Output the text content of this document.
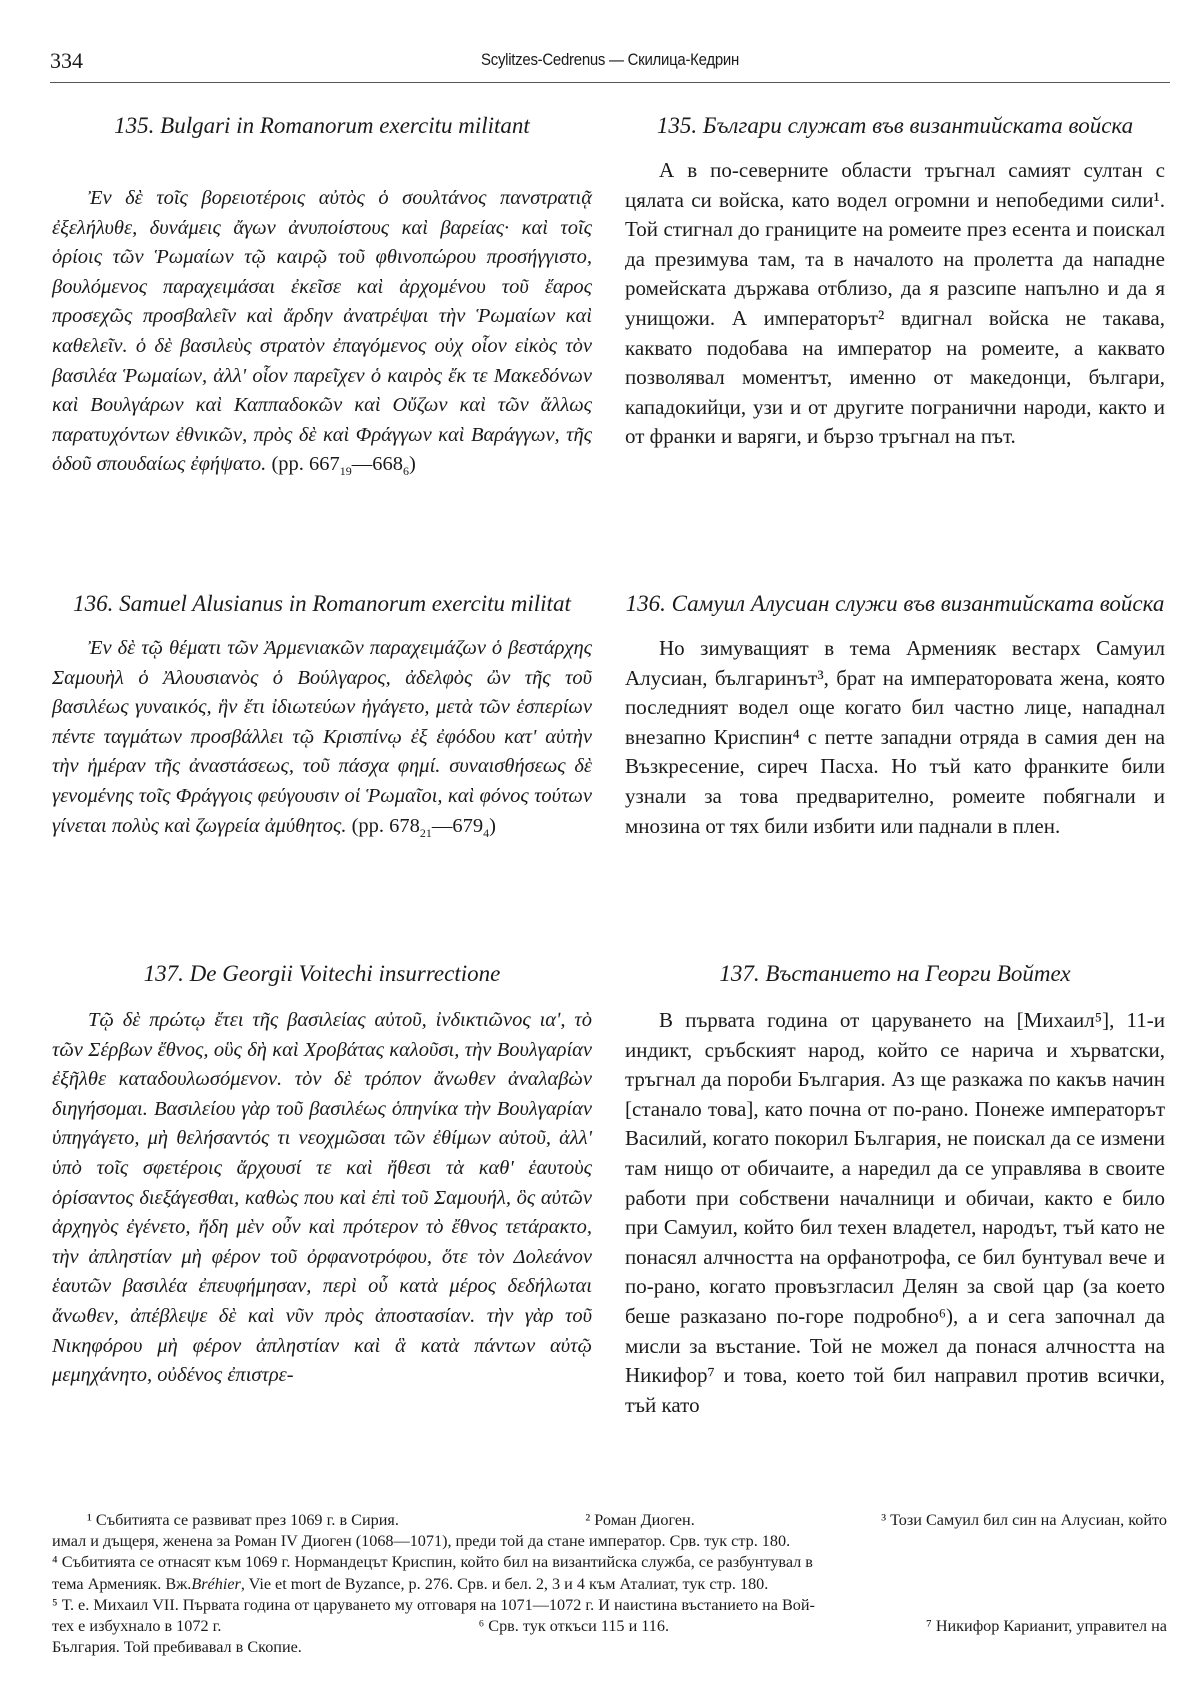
334	Scylitzes-Cedrenus — Скилица-Кедрин
135. Bulgari in Romanorum exercitu militant

Ἐν δὲ τοῖς βορειοτέροις αὐτὸς ὁ σουλτάνος πανστρατιᾷ ἐξελήλυθε, δυνάμεις ἄγων ἀνυποίστους καὶ βαρείας· καὶ τοῖς ὁρίοις τῶν Ῥωμαίων τῷ καιρῷ τοῦ φθινοπώρου προσήγγιστο, βουλόμενος παραχειμάσαι ἐκεῖσε καὶ ἀρχομένου τοῦ ἔαρος προσεχῶς προσβαλεῖν καὶ ἄρδην ἀνατρέψαι τὴν Ῥωμαίων καὶ καθελεῖν. ὁ δὲ βασιλεὺς στρατὸν ἐπαγόμενος οὐχ οἷον εἰκὸς τὸν βασιλέα Ῥωμαίων, ἀλλ' οἷον παρεῖχεν ὁ καιρὸς ἔκ τε Μακεδόνων καὶ Βουλγάρων καὶ Καππαδοκῶν καὶ Οὔζων καὶ τῶν ἄλλως παρατυχόντων ἐθνικῶν, πρὸς δὲ καὶ Φράγγων καὶ Βαράγγων, τῆς ὁδοῦ σπουδαίως ἐφήψατο. (pp. $667_{19}—668_6$)

135. Българи служат във византийската войска

А в по-северните области тръгнал самият султан с цялата си войска, като водел огромни и непобедими сили¹. Той стигнал до границите на ромеите през есента и поискал да презимува там, та в началото на пролетта да нападне ромейската държава отблизо, да я разсипе напълно и да я унищожи. А императорът² вдигнал войска не такава, каквато подобава на император на ромеите, а каквато позволявал моментът, именно от македонци, българи, кападокийци, узи и от другите погранични народи, както и от франки и варяги, и бързо тръгнал на път.

136. Samuel Alusianus in Romanorum exercitu militat

Ἐν δὲ τῷ θέματι τῶν Ἀρμενιακῶν παραχειμάζων ὁ βεστάρχης Σαμουὴλ ὁ Ἀλουσιανὸς ὁ Βούλγαρος, ἀδελφὸς ὢν τῆς τοῦ βασιλέως γυναικός, ἣν ἔτι ἰδιωτεύων ἠγάγετο, μετὰ τῶν ἑσπερίων πέντε ταγμάτων προσβάλλει τῷ Κρισπίνῳ ἐξ ἐφόδου κατ' αὐτὴν τὴν ἡμέραν τῆς ἀναστάσεως, τοῦ πάσχα φημί. συναισθήσεως δὲ γενομένης τοῖς Φράγγοις φεύγουσιν οἱ Ῥωμαῖοι, καὶ φόνος τούτων γίνεται πολὺς καὶ ζωγρεία ἀμύθητος. (pp. $678_{21}—679_4$)

136. Самуил Алусиан служи във византийската войска

Но зимуващият в тема Арменияк вестарх Самуил Алусиан, българинът³, брат на императоровата жена, която последният водел още когато бил частно лице, нападнал внезапно Криспин⁴ с петте западни отряда в самия ден на Възкресение, сиреч Пасха. Но тъй като франките били узнали за това предварително, ромеите побягнали и мнозина от тях били избити или паднали в плен.

137. De Georgii Voitechi insurrectione

Τῷ δὲ πρώτῳ ἔτει τῆς βασιλείας αὐτοῦ, ἰνδικτιῶνος ιαʹ, τὸ τῶν Σέρβων ἔθνος, οὓς δὴ καὶ Χροβάτας καλοῦσι, τὴν Βουλγαρίαν ἐξῆλθε καταδουλωσόμενον. τὸν δὲ τρόπον ἄνωθεν ἀναλαβὼν διηγήσομαι. Βασιλείου γὰρ τοῦ βασιλέως ὁπηνίκα τὴν Βουλγαρίαν ὑπηγάγετο, μὴ θελήσαντός τι νεοχμῶσαι τῶν ἐθίμων αὐτοῦ, ἀλλ' ὑπὸ τοῖς σφετέροις ἄρχουσί τε καὶ ἤθεσι τὰ καθ' ἑαυτοὺς ὁρίσαντος διεξάγεσθαι, καθὼς που καὶ ἐπὶ τοῦ Σαμουήλ, ὃς αὐτῶν ἀρχηγὸς ἐγένετο, ἤδη μὲν οὖν καὶ πρότερον τὸ ἔθνος τετάρακτο, τὴν ἀπληστίαν μὴ φέρον τοῦ ὀρφανοτρόφου, ὅτε τὸν Δολεάνον ἑαυτῶν βασιλέα ἐπευφήμησαν, περὶ οὗ κατὰ μέρος δεδήλωται ἄνωθεν, ἀπέβλεψε δὲ καὶ νῦν πρὸς ἀποστασίαν. τὴν γὰρ τοῦ Νικηφόρου μὴ φέρον ἀπληστίαν καὶ ἃ κατὰ πάντων αὐτῷ μεμηχάνητο, οὐδένος ἐπιστρε-

137. Въстанието на Георги Войтех

В първата година от царуването на [Михаил⁵], 11-и индикт, сръбският народ, който се нарича и хърватски, тръгнал да пороби България. Аз ще разкажа по какъв начин [станало това], като почна от по-рано. Понеже императорът Василий, когато покорил България, не поискал да се измени там нищо от обичаите, а наредил да се управлява в своите работи при собствени началници и обичаи, както е било при Самуил, който бил техен владетел, народът, тъй като не понасял алчността на орфанотрофа, се бил бунтувал вече и по-рано, когато провъзгласил Делян за свой цар (за което беше разказано по-горе подробно⁶), а и сега започнал да мисли за въстание. Той не можел да понася алчността на Никифор⁷ и това, което той бил направил против всички, тъй като

¹ Събитията се развиват през 1069 г. в Сирия.	² Роман Диоген.	³ Този Самуил бил син на Алусиан, който
имал и дъщеря, женена за Роман IV Диоген (1068—1071), преди той да стане император. Срв. тук стр. 180.
⁴ Събитията се отнасят към 1069 г. Нормандецът Криспин, който бил на византийска служба, се разбунтувал в
тема Арменияк. Вж. Bréhier , Vie et mort de Byzance, p. 276. Срв. и бел. 2, 3 и 4 към Аталиат, тук стр. 180.
⁵ Т. е. Михаил VII. Първата година от царуването му отговаря на 1071—1072 г. И наистина въстанието на Вой-
тех е избухнало в 1072 г.	⁶ Срв. тук откъси 115 и 116.	⁷ Никифор Карианит, управител на
България. Той пребивавал в Скопие.
